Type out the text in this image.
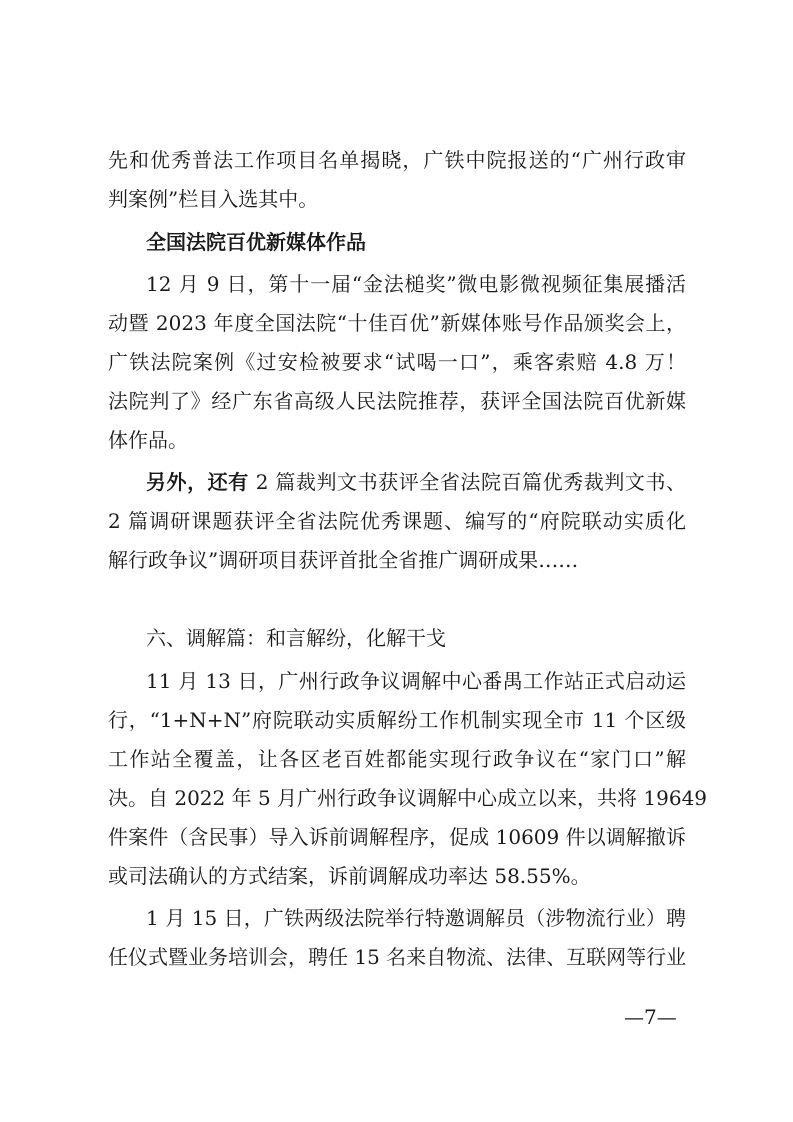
先和优秀普法工作项目名单揭晓，广铁中院报送的“广州行政审
判案例”栏目入选其中。
全国法院百优新媒体作品
12 月 9 日，第十一届“金法槌奖”微电影微视频征集展播活
动暨 2023 年度全国法院“十佳百优”新媒体账号作品颁奖会上，
广铁法院案例《过安检被要求“试喝一口”，乘客索赔 4.8 万！
法院判了》经广东省高级人民法院推荐，获评全国法院百优新媒
体作品。
另外，还有 2 篇裁判文书获评全省法院百篇优秀裁判文书、
2 篇调研课题获评全省法院优秀课题、编写的“府院联动实质化
解行政争议”调研项目获评首批全省推广调研成果……
六、调解篇：和言解纷，化解干戈
11 月 13 日，广州行政争议调解中心番禺工作站正式启动运
行，“1+N+N”府院联动实质解纷工作机制实现全市 11 个区级
工作站全覆盖，让各区老百姓都能实现行政争议在“家门口”解
决。自 2022 年 5 月广州行政争议调解中心成立以来，共将 19649
件案件（含民事）导入诉前调解程序，促成 10609 件以调解撤诉
或司法确认的方式结案，诉前调解成功率达 58.55%。
1 月 15 日，广铁两级法院举行特邀调解员（涉物流行业）聘
任仪式暨业务培训会，聘任 15 名来自物流、法律、互联网等行业
—7—
